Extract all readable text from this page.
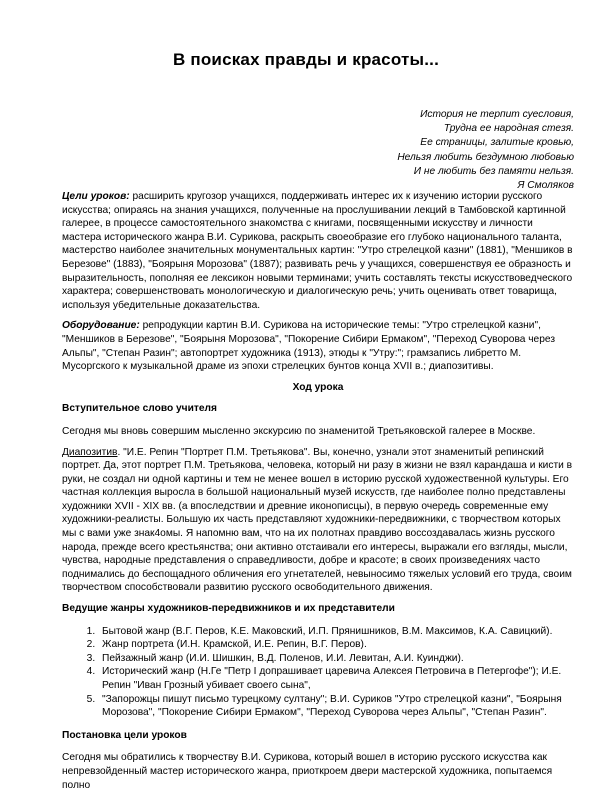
В поисках правды и красоты...
История не терпит суесловия,
Трудна ее народная стезя.
Ее страницы, залитые кровью,
Нельзя любить бездумною любовью
И не любить без памяти нельзя.
Я Смоляков

Цели уроков: расширить кругозор учащихся, поддерживать интерес их к изучению истории русского искусства; опираясь на знания учащихся, полученные на прослушивании лекций в Тамбовской картинной галерее, в процессе самостоятельного знакомства с книгами, посвященными искусству и личности мастера исторического жанра В.И. Сурикова, раскрыть своеобразие его глубоко национального таланта, мастерство наиболее значительных монументальных картин: "Утро стрелецкой казни" (1881), "Меншиков в Березове" (1883), "Боярыня Морозова" (1887); развивать речь у учащихся, совершенствуя ее образность и выразительность, пополняя ее лексикон новыми терминами; учить составлять тексты искусствоведческого характера; совершенствовать монологическую и диалогическую речь; учить оценивать ответ товарища, используя убедительные доказательства.

Оборудование: репродукции картин В.И. Сурикова на исторические темы: "Утро стрелецкой казни", "Меншиков в Березове", "Боярыня Морозова", "Покорение Сибири Ермаком", "Переход Суворова через Альпы", "Степан Разин"; автопортрет художника (1913), этюды к "Утру:"; грамзапись либретто М. Мусоргского к музыкальной драме из эпохи стрелецких бунтов конца XVII в.; диапозитивы.

Ход урока
Вступительное слово учителя

Сегодня мы вновь совершим мысленно экскурсию по знаменитой Третьяковской галерее в Москве.

Диапозитив. "И.Е. Репин "Портрет П.М. Третьякова". Вы, конечно, узнали этот знаменитый репинский портрет. Да, этот портрет П.М. Третьякова, человека, который ни разу в жизни не взял карандаша и кисти в руки, не создал ни одной картины и тем не менее вошел в историю русской художественной культуры. Его частная коллекция выросла в большой национальный музей искусств, где наиболее полно представлены художники XVII - XIX вв. (а впоследствии и древние иконописцы), в первую очередь современные ему художники-реалисты. Большую их часть представляют художники-передвижники, с творчеством которых мы с вами уже знак4омы. Я напомню вам, что на их полотнах правдиво воссоздавалась жизнь русского народа, прежде всего крестьянства; они активно отстаивали его интересы, выражали его взгляды, мысли, чувства, народные представления о справедливости, добре и красоте; в своих произведениях часто поднимались до беспощадного обличения его угнетателей, невыносимо тяжелых условий его труда, своим творчеством способствовали развитию русского освободительного движения.

Ведущие жанры художников-передвижников и их представители
1. Бытовой жанр (В.Г. Перов, К.Е. Маковский, И.П. Прянишников, В.М. Максимов, К.А. Савицкий).
2. Жанр портрета (И.Н. Крамской, И.Е. Репин, В.Г. Перов).
3. Пейзажный жанр (И.И. Шишкин, В.Д. Поленов, И.И. Левитан, А.И. Куинджи).
4. Исторический жанр (Н.Ге "Петр I допрашивает царевича Алексея Петровича в Петергофе"); И.Е. Репин "Иван Грозный убивает своего сына",
5. "Запорожцы пишут письмо турецкому султану"; В.И. Суриков "Утро стрелецкой казни", "Боярыня Морозова", "Покорение Сибири Ермаком", "Переход Суворова через Альпы", "Степан Разин".
Постановка цели уроков

Сегодня мы обратились к творчеству В.И. Сурикова, который вошел в историю русского искусства как непревзойденный мастер исторического жанра, приоткроем двери мастерской художника, попытаемся полно
